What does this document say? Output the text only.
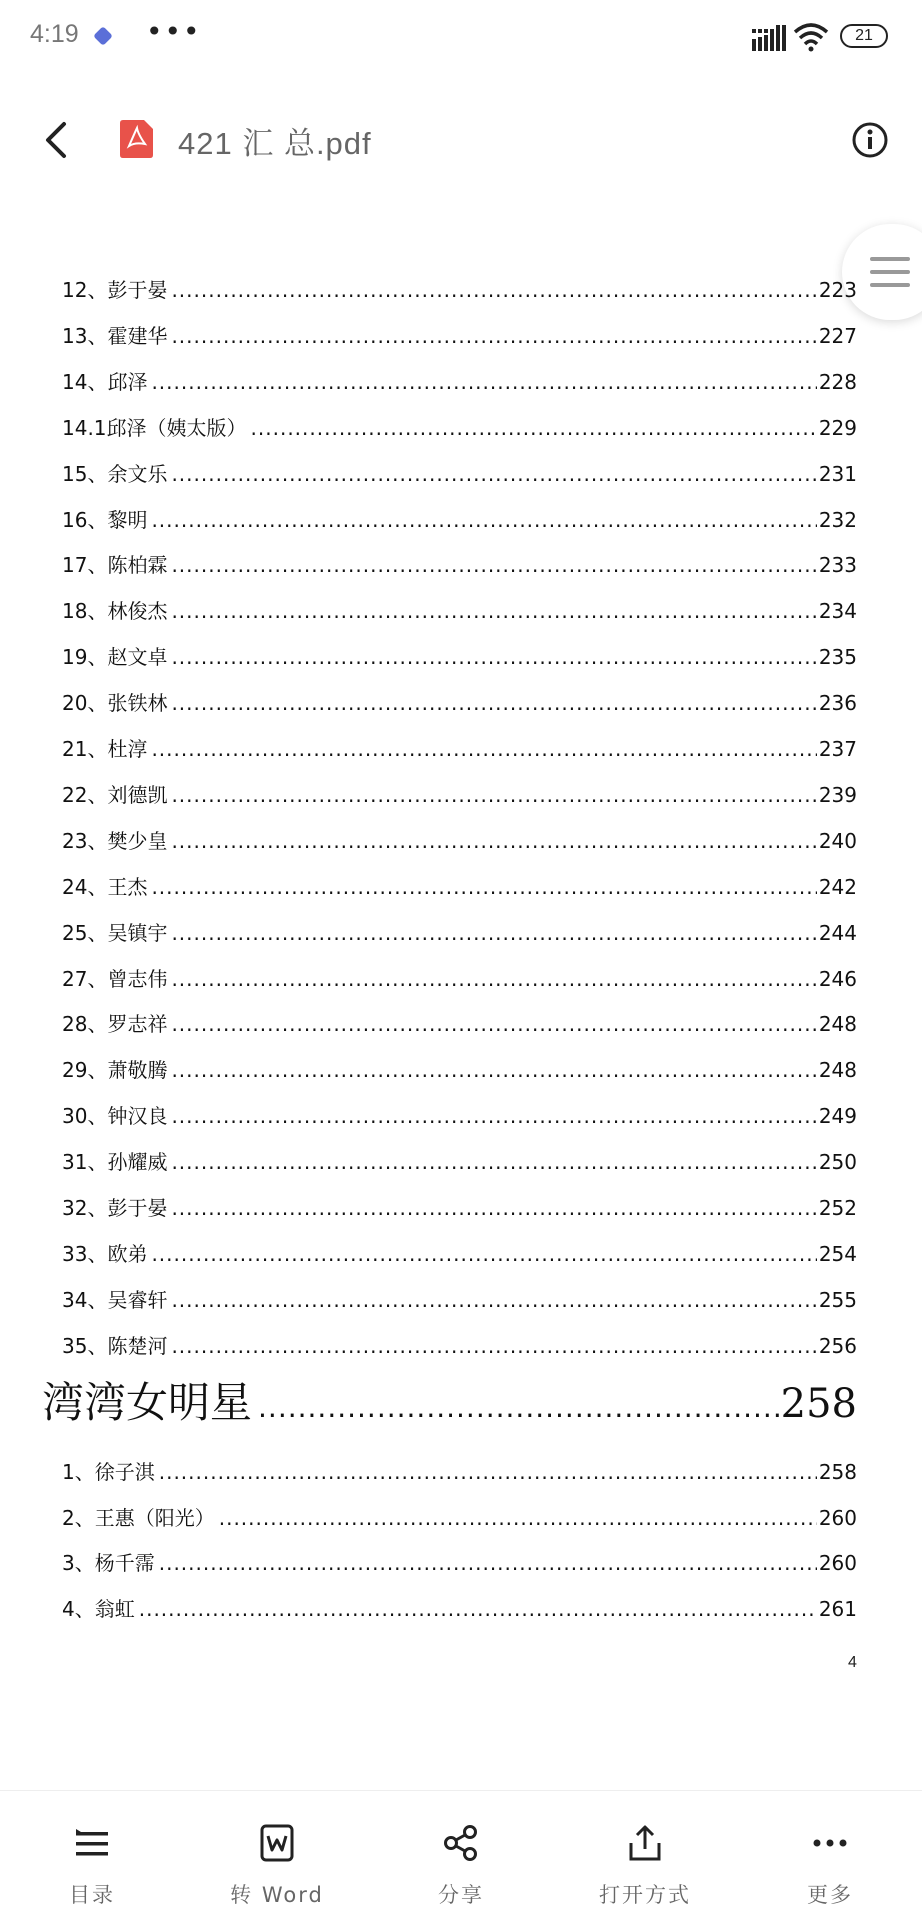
4:19 •••	21
421 汇 总.pdf
12、彭于晏 .....	223
13、霍建华 .....	227
14、邱泽 .....	228
14.1邱泽（姨太版） .....	229
15、余文乐 .....	231
16、黎明 .....	232
17、陈柏霖 .....	233
18、林俊杰 .....	234
19、赵文卓 .....	235
20、张铁林 .....	236
21、杜淳 .....	237
22、刘德凯 .....	239
23、樊少皇 .....	240
24、王杰 .....	242
25、吴镇宇 .....	244
27、曾志伟 .....	246
28、罗志祥 .....	248
29、萧敬腾 .....	248
30、钟汉良 .....	249
31、孙耀威 .....	250
32、彭于晏 .....	252
33、欧弟 .....	254
34、吴睿轩 .....	255
35、陈楚河 .....	256
湾湾女明星 .....	258
1、徐子淇 .....	258
2、王惠（阳光） .....	260
3、杨千霈 .....	260
4、翁虹 .....	261
4
目录	转 Word	分享	打开方式	更多
